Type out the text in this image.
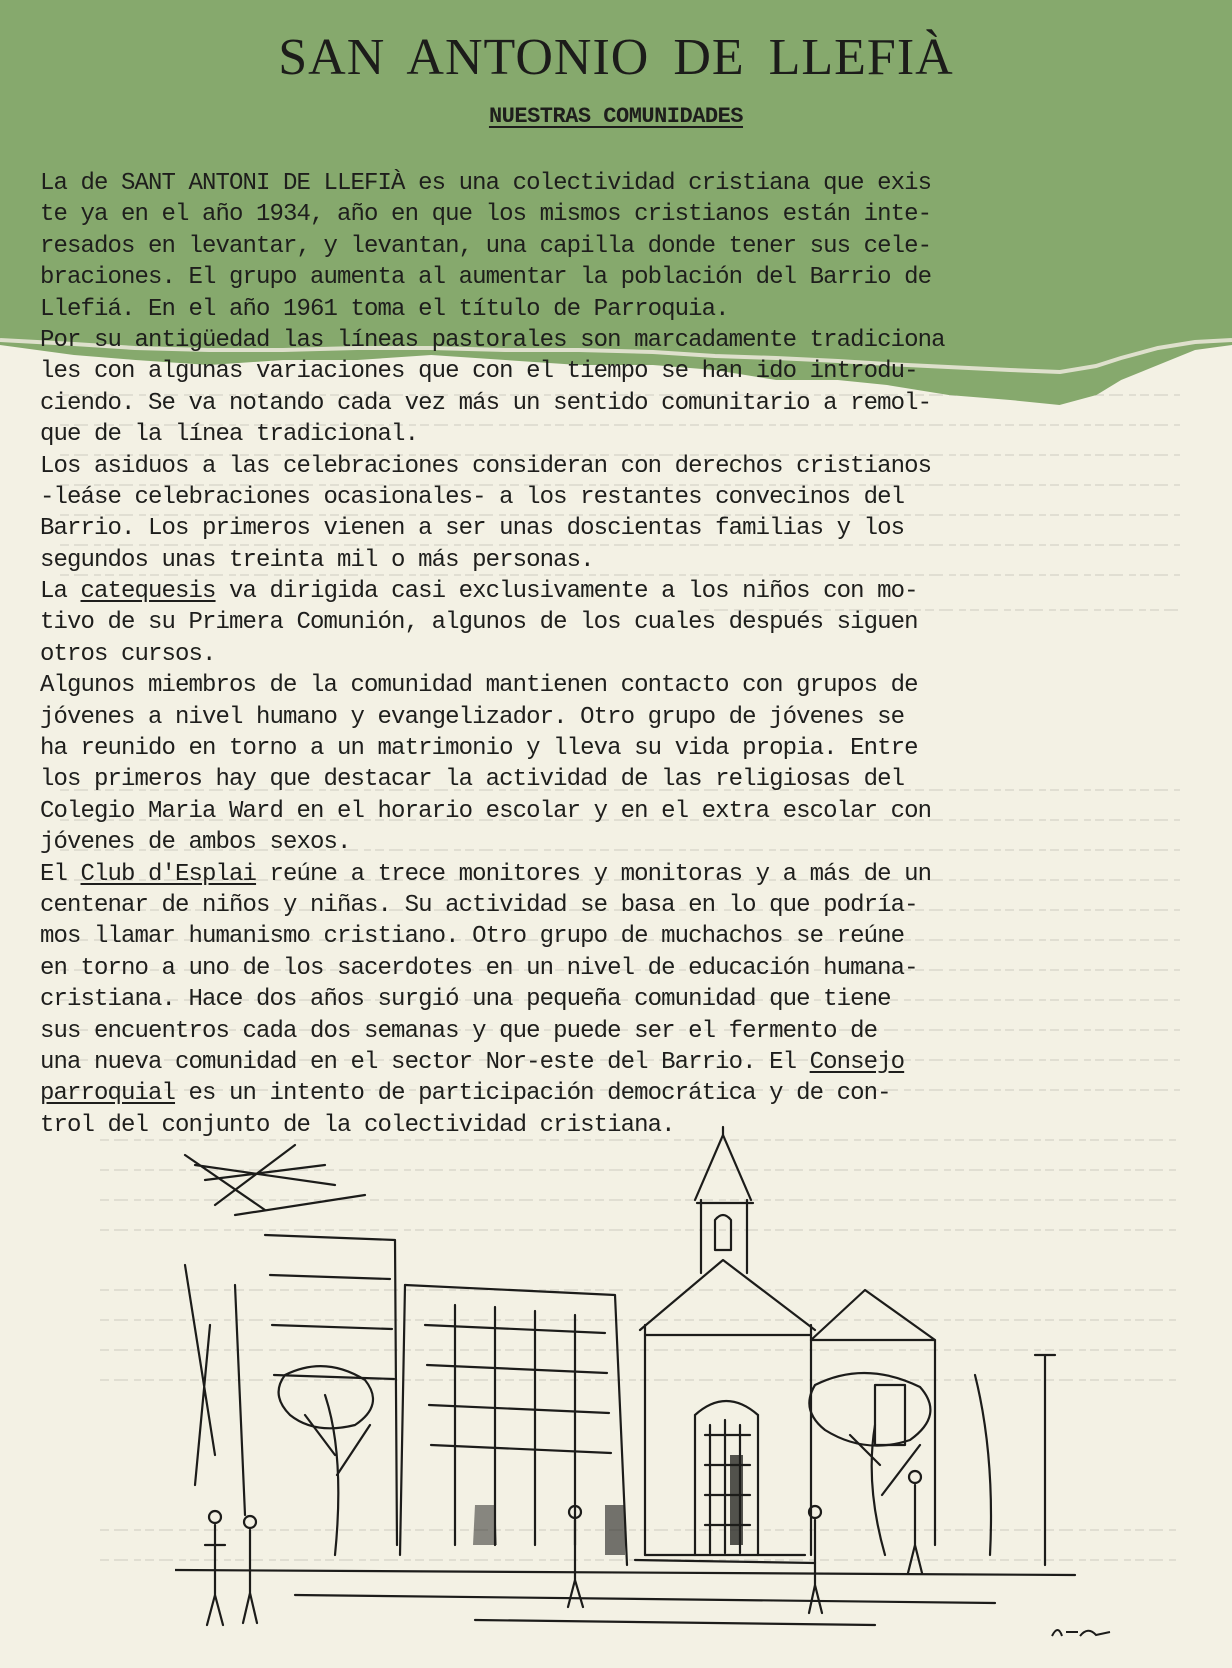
SAN ANTONIO DE LLEFIÀ
NUESTRAS COMUNIDADES
La de SANT ANTONI DE LLEFIÀ es una colectividad cristiana que exis
te ya en el año 1934, año en que los mismos cristianos están inte-
resados en levantar, y levantan, una capilla donde tener sus cele-
braciones. El grupo aumenta al aumentar la población del Barrio de
Llefiá. En el año 1961 toma el título de Parroquia.
Por su antigüedad las líneas pastorales son marcadamente tradiciona
les con algunas variaciones que con el tiempo se han ido introdu-
ciendo. Se va notando cada vez más un sentido comunitario a remol-
que de la línea tradicional.
Los asiduos a las celebraciones consideran con derechos cristianos
-leáse celebraciones ocasionales- a los restantes convecinos del
Barrio. Los primeros vienen a ser unas doscientas familias y los
segundos unas treinta mil o más personas.
La catequesis va dirigida casi exclusivamente a los niños con mo-
tivo de su Primera Comunión, algunos de los cuales después siguen
otros cursos.
Algunos miembros de la comunidad mantienen contacto con grupos de
jóvenes a nivel humano y evangelizador. Otro grupo de jóvenes se
ha reunido en torno a un matrimonio y lleva su vida propia. Entre
los primeros hay que destacar la actividad de las religiosas del
Colegio Maria Ward en el horario escolar y en el extra escolar con
jóvenes de ambos sexos.
El Club d'Esplai reúne a trece monitores y monitoras y a más de un
centenar de niños y niñas. Su actividad se basa en lo que podría-
mos llamar humanismo cristiano. Otro grupo de muchachos se reúne
en torno a uno de los sacerdotes en un nivel de educación humana-
cristiana. Hace dos años surgió una pequeña comunidad que tiene
sus encuentros cada dos semanas y que puede ser el fermento de
una nueva comunidad en el sector Nor-este del Barrio. El Consejo
parroquial es un intento de participación democrática y de con-
trol del conjunto de la colectividad cristiana.
